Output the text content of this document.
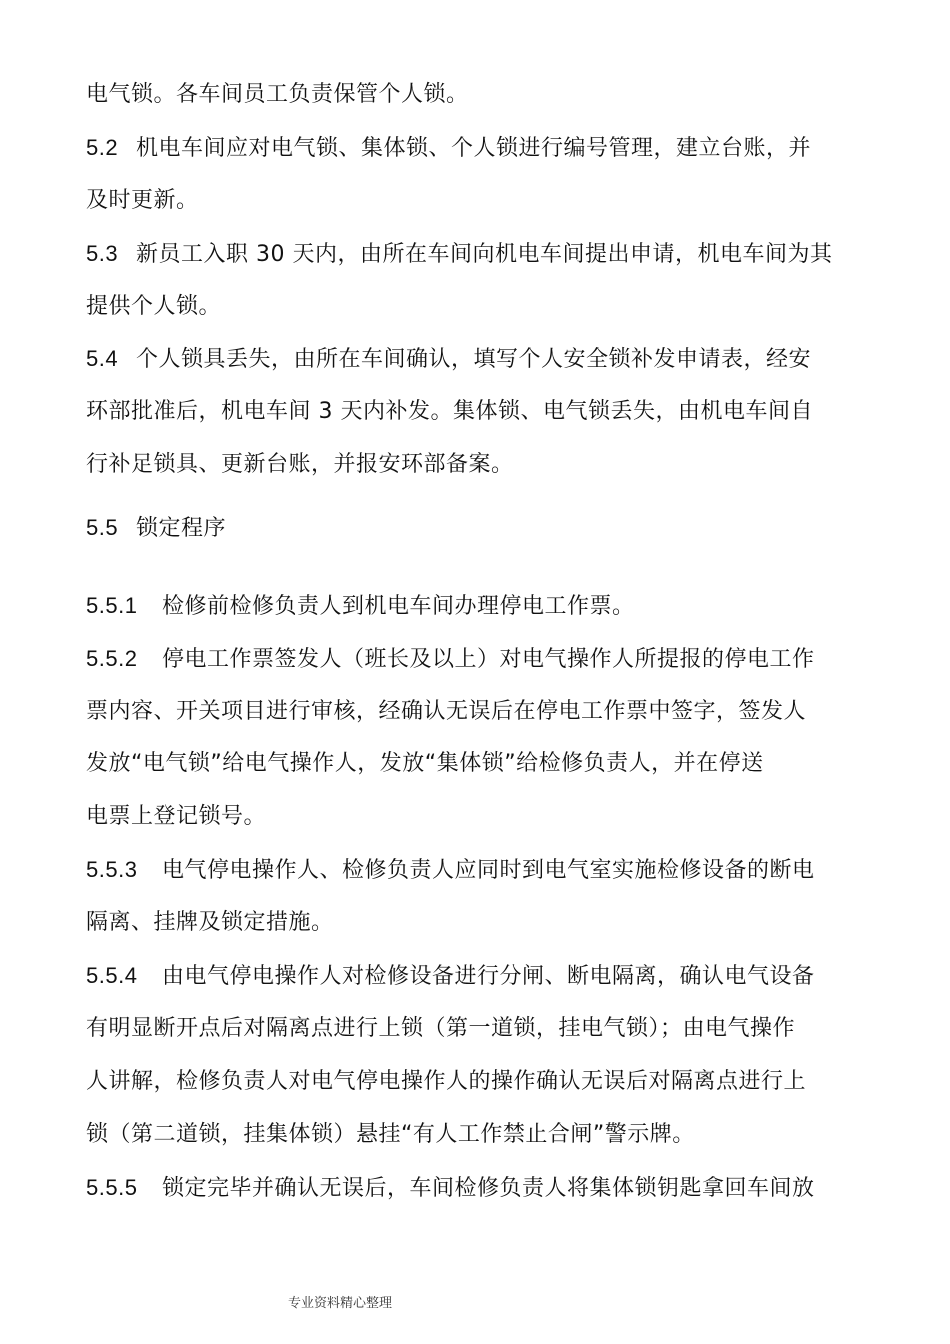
电气锁。各车间员工负责保管个人锁。
5.2 机电车间应对电气锁、集体锁、个人锁进行编号管理，建立台账，并
及时更新。
5.3 新员工入职 30 天内，由所在车间向机电车间提出申请，机电车间为其
提供个人锁。
5.4 个人锁具丢失，由所在车间确认，填写个人安全锁补发申请表，经安
环部批准后，机电车间 3 天内补发。集体锁、电气锁丢失，由机电车间自
行补足锁具、更新台账，并报安环部备案。
5.5 锁定程序
5.5.1 检修前检修负责人到机电车间办理停电工作票。
5.5.2 停电工作票签发人（班长及以上）对电气操作人所提报的停电工作
票内容、开关项目进行审核，经确认无误后在停电工作票中签字，签发人
发放“电气锁”给电气操作人，发放“集体锁”给检修负责人，并在停送
电票上登记锁号。
5.5.3 电气停电操作人、检修负责人应同时到电气室实施检修设备的断电
隔离、挂牌及锁定措施。
5.5.4 由电气停电操作人对检修设备进行分闸、断电隔离，确认电气设备
有明显断开点后对隔离点进行上锁（第一道锁，挂电气锁）；由电气操作
人讲解，检修负责人对电气停电操作人的操作确认无误后对隔离点进行上
锁（第二道锁，挂集体锁）悬挂“有人工作禁止合闸”警示牌。
5.5.5 锁定完毕并确认无误后，车间检修负责人将集体锁钥匙拿回车间放
专业资料精心整理
